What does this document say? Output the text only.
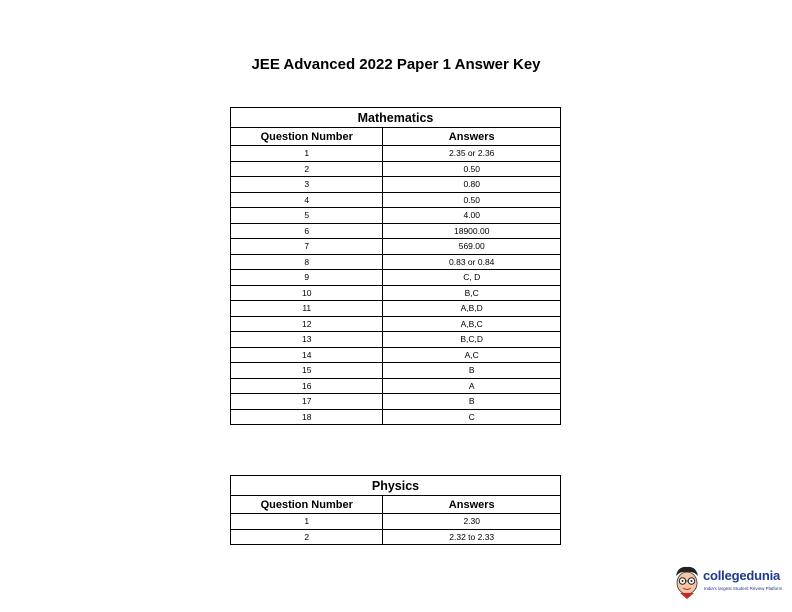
JEE Advanced 2022 Paper 1 Answer Key
Mathematics	
Question Number	Answers
1	2.35 or 2.36
2	0.50
3	0.80
4	0.50
5	4.00
6	18900.00
7	569.00
8	0.83 or 0.84
9	C, D
10	B,C
11	A,B,D
12	A,B,C
13	B,C,D
14	A,C
15	B
16	A
17	B
18	C
Physics	
Question Number	Answers
1	2.30
2	2.32 to 2.33
collegedunia
India's largest Student Review Platform
